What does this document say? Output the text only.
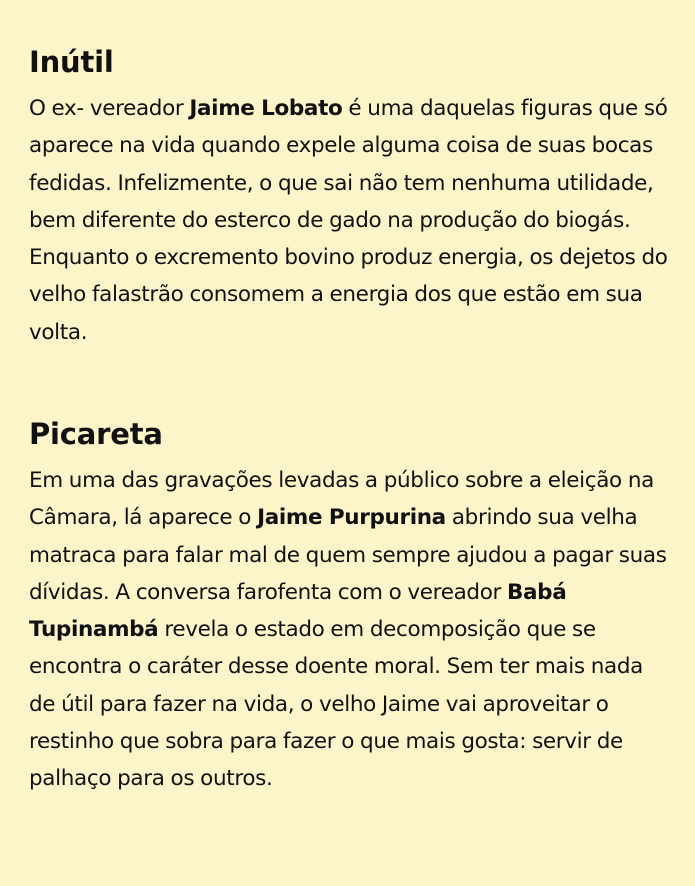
Inútil

O ex- vereador Jaime Lobato é uma daquelas figuras que só aparece na vida quando expele alguma coisa de suas bocas fedidas. Infelizmente, o que sai não tem nenhuma utilidade, bem diferente do esterco de gado na produção do biogás. Enquanto o excremento bovino produz energia, os dejetos do velho falastrão consomem a energia dos que estão em sua volta.

Picareta

Em uma das gravações levadas a público sobre a eleição na Câmara, lá aparece o Jaime Purpurina abrindo sua velha matraca para falar mal de quem sempre ajudou a pagar suas dívidas. A conversa farofenta com o vereador Babá Tupinambá revela o estado em decomposição que se encontra o caráter desse doente moral. Sem ter mais nada de útil para fazer na vida, o velho Jaime vai aproveitar o restinho que sobra para fazer o que mais gosta: servir de palhaço para os outros.
